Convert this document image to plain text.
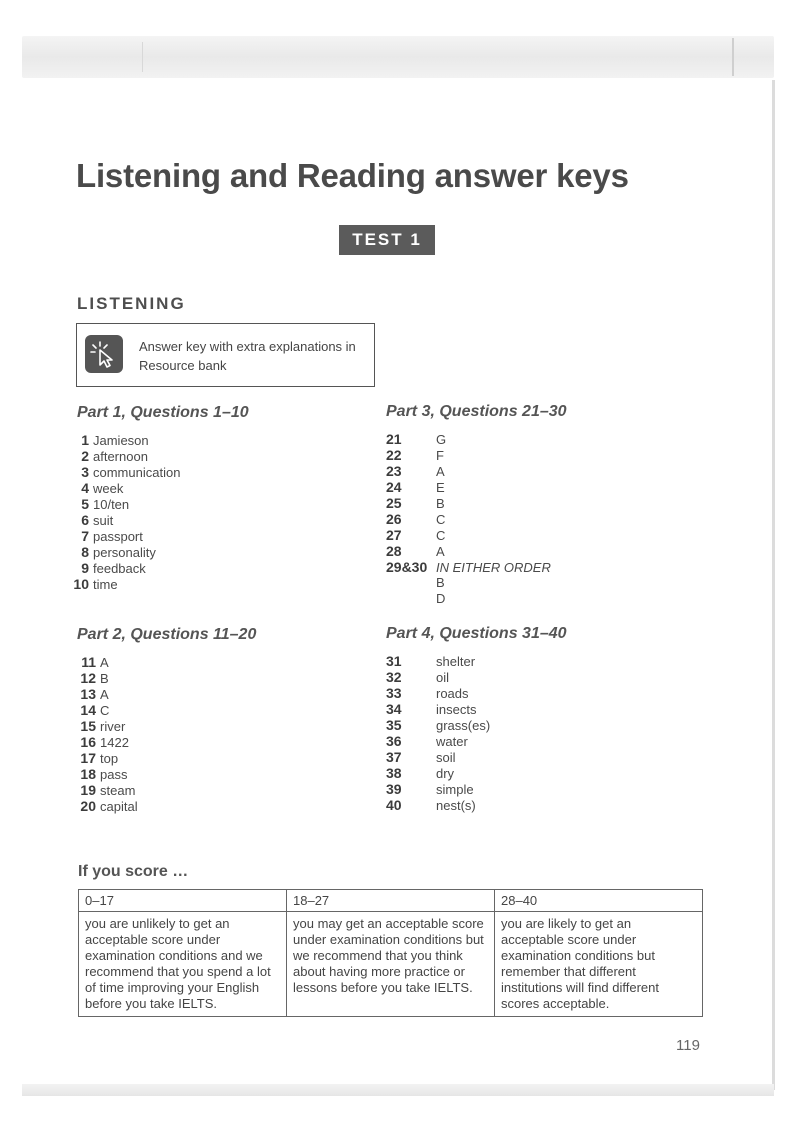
Listening and Reading answer keys
TEST 1
LISTENING
Answer key with extra explanations in Resource bank
Part 1, Questions 1–10
1 Jamieson
2 afternoon
3 communication
4 week
5 10/ten
6 suit
7 passport
8 personality
9 feedback
10 time
Part 2, Questions 11–20
11 A
12 B
13 A
14 C
15 river
16 1422
17 top
18 pass
19 steam
20 capital
Part 3, Questions 21–30
21	G
22	F
23	A
24	E
25	B
26	C
27	C
28	A
29&30 IN EITHER ORDER
B
D
Part 4, Questions 31–40
31	shelter
32	oil
33	roads
34	insects
35	grass(es)
36	water
37	soil
38	dry
39	simple
40	nest(s)
If you score …
0–17	18–27	28–40
you are unlikely to get an acceptable score under examination conditions and we recommend that you spend a lot of time improving your English before you take IELTS.	you may get an acceptable score under examination conditions but we recommend that you think about having more practice or lessons before you take IELTS.	you are likely to get an acceptable score under examination conditions but remember that different institutions will find different scores acceptable.
119
